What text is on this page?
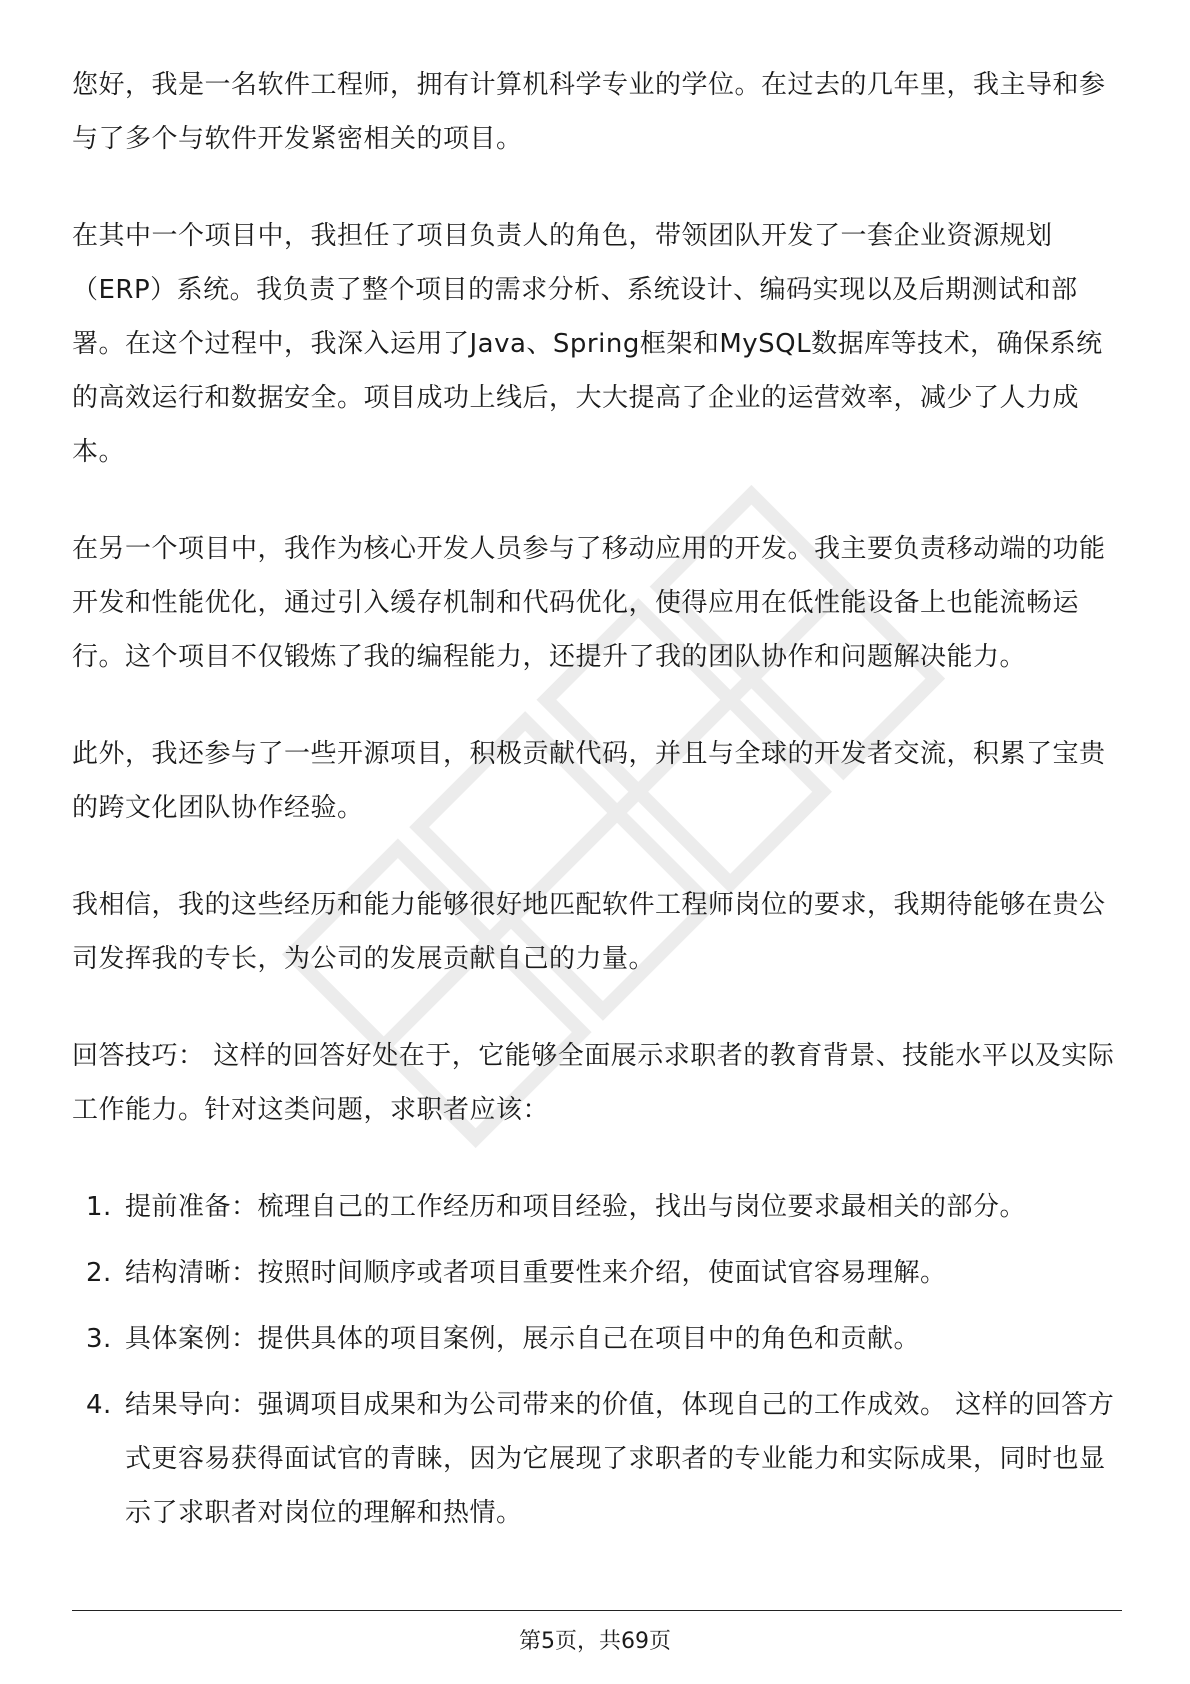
您好，我是一名软件工程师，拥有计算机科学专业的学位。在过去的几年里，我主导和参与了多个与软件开发紧密相关的项目。

在其中一个项目中，我担任了项目负责人的角色，带领团队开发了一套企业资源规划（ERP）系统。我负责了整个项目的需求分析、系统设计、编码实现以及后期测试和部署。在这个过程中，我深入运用了Java、Spring框架和MySQL数据库等技术，确保系统的高效运行和数据安全。项目成功上线后，大大提高了企业的运营效率，减少了人力成本。

在另一个项目中，我作为核心开发人员参与了移动应用的开发。我主要负责移动端的功能开发和性能优化，通过引入缓存机制和代码优化，使得应用在低性能设备上也能流畅运行。这个项目不仅锻炼了我的编程能力，还提升了我的团队协作和问题解决能力。

此外，我还参与了一些开源项目，积极贡献代码，并且与全球的开发者交流，积累了宝贵的跨文化团队协作经验。

我相信，我的这些经历和能力能够很好地匹配软件工程师岗位的要求，我期待能够在贵公司发挥我的专长，为公司的发展贡献自己的力量。

回答技巧： 这样的回答好处在于，它能够全面展示求职者的教育背景、技能水平以及实际工作能力。针对这类问题，求职者应该：

1. 提前准备：梳理自己的工作经历和项目经验，找出与岗位要求最相关的部分。
2. 结构清晰：按照时间顺序或者项目重要性来介绍，使面试官容易理解。
3. 具体案例：提供具体的项目案例，展示自己在项目中的角色和贡献。
4. 结果导向：强调项目成果和为公司带来的价值，体现自己的工作成效。 这样的回答方式更容易获得面试官的青睐，因为它展现了求职者的专业能力和实际成果，同时也显示了求职者对岗位的理解和热情。
第5页，共69页
